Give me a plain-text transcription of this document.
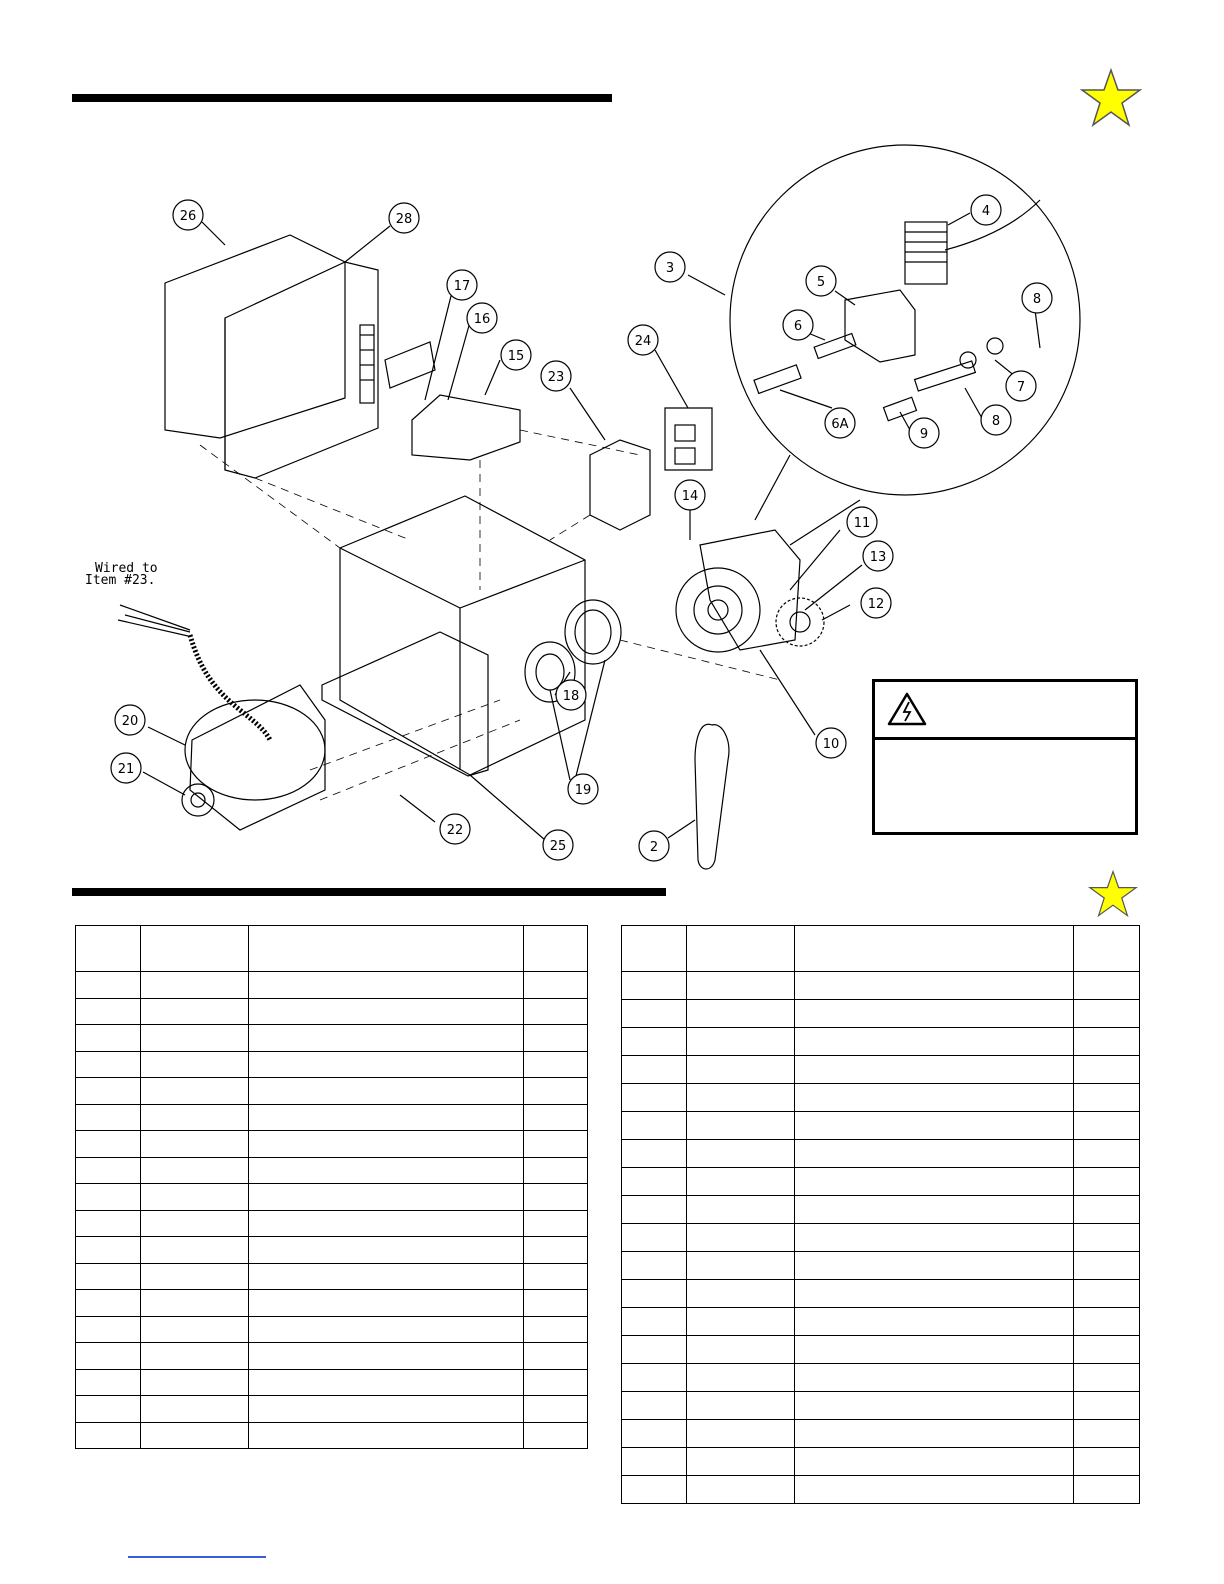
26	28
17
16
15
24
23
3
4
5
6
8
7
8
9
6A
14
11
13
12
10
18
19
2
25
22
20
21
Wired to
Item #23.
